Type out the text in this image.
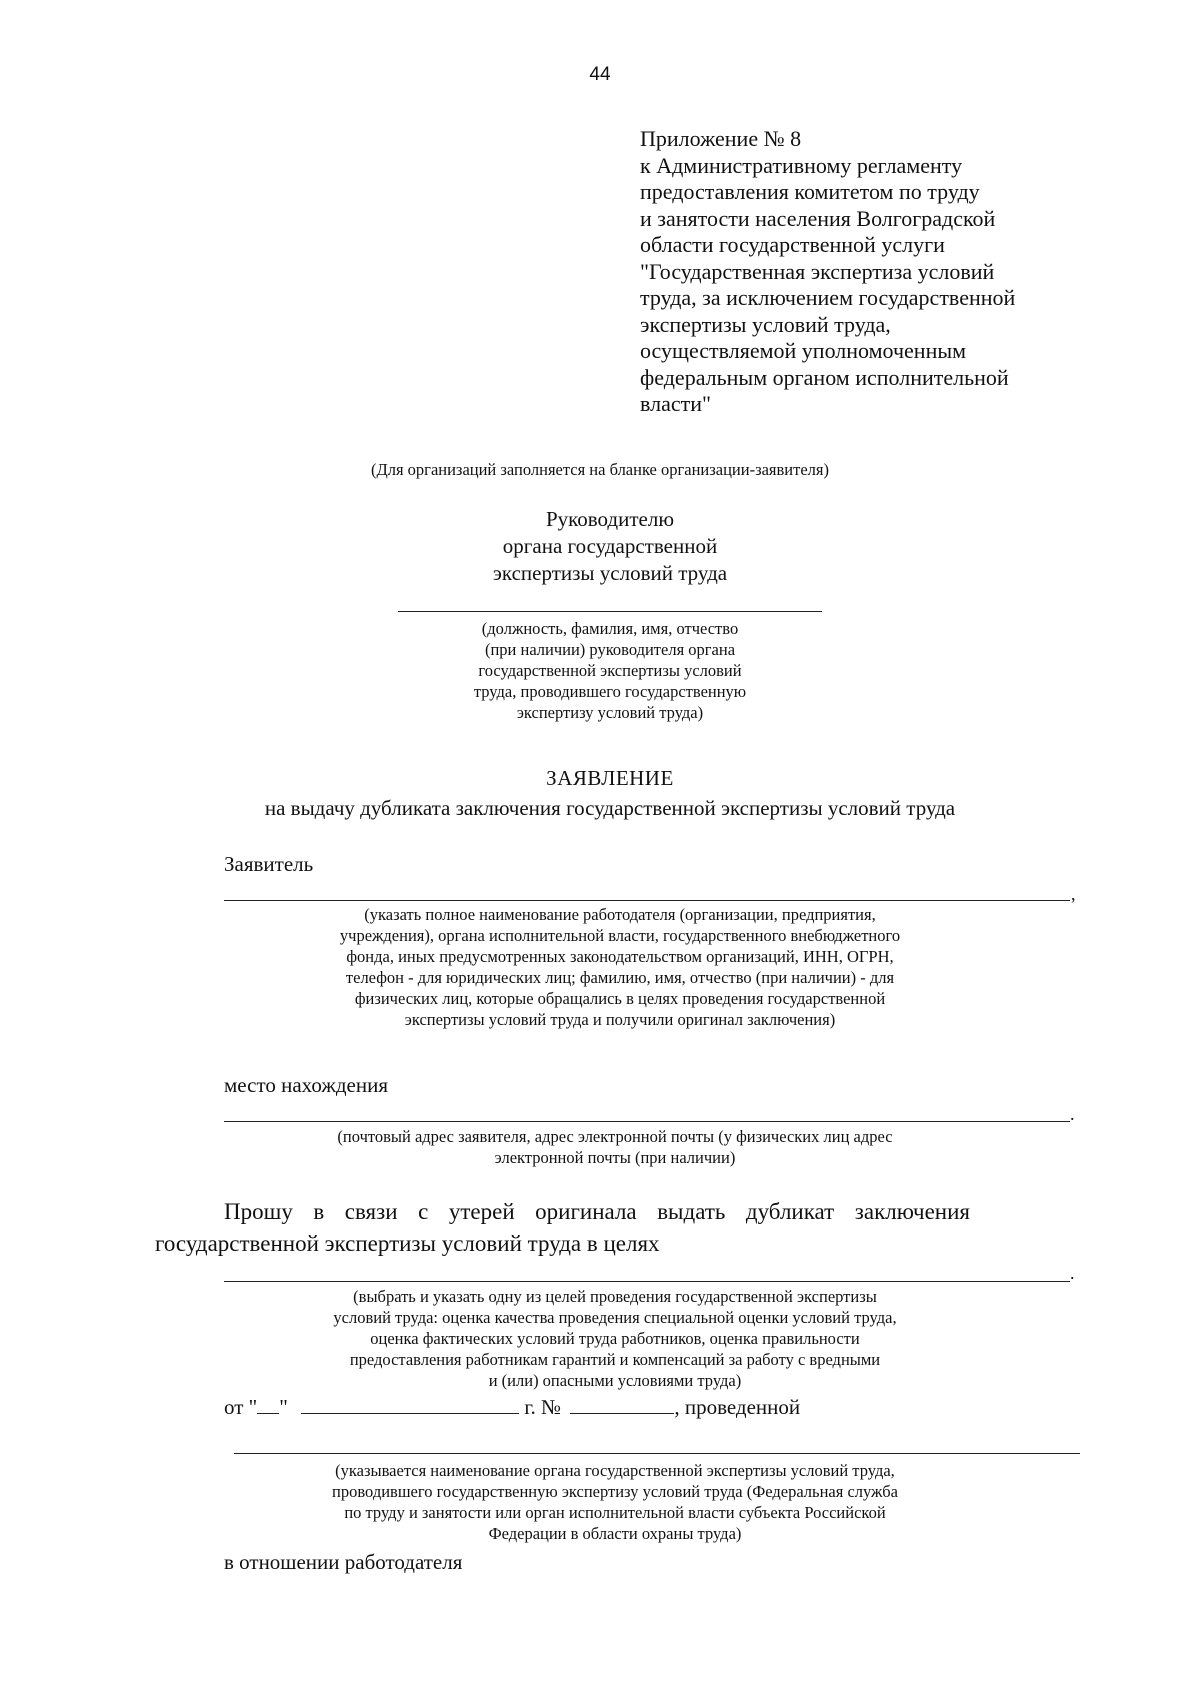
44
Приложение № 8
к Административному регламенту
предоставления комитетом по труду
и занятости населения Волгоградской
области государственной услуги
"Государственная экспертиза условий
труда, за исключением государственной
экспертизы условий труда,
осуществляемой уполномоченным
федеральным органом исполнительной
власти"
(Для организаций заполняется на бланке организации-заявителя)
Руководителю
органа государственной
экспертизы условий труда
(должность, фамилия, имя, отчество
(при наличии) руководителя органа
государственной экспертизы условий
труда, проводившего государственную
экспертизу условий труда)
ЗАЯВЛЕНИЕ
на выдачу дубликата заключения государственной экспертизы условий труда
Заявитель
,
(указать полное наименование работодателя (организации, предприятия,
учреждения), органа исполнительной власти, государственного внебюджетного
фонда, иных предусмотренных законодательством организаций, ИНН, ОГРН,
телефон - для юридических лиц; фамилию, имя, отчество (при наличии) - для
физических лиц, которые обращались в целях проведения государственной
экспертизы условий труда и получили оригинал заключения)
место нахождения
.
(почтовый адрес заявителя, адрес электронной почты (у физических лиц адрес
электронной почты (при наличии)
Прошу в связи с утерей оригинала выдать дубликат заключения
государственной экспертизы условий труда в целях
.
(выбрать и указать одну из целей проведения государственной экспертизы
условий труда: оценка качества проведения специальной оценки условий труда,
оценка фактических условий труда работников, оценка правильности
предоставления работникам гарантий и компенсаций за работу с вредными
и (или) опасными условиями труда)
от " "	г. №	, проведенной
(указывается наименование органа государственной экспертизы условий труда,
проводившего государственную экспертизу условий труда (Федеральная служба
по труду и занятости или орган исполнительной власти субъекта Российской
Федерации в области охраны труда)
в отношении работодателя
